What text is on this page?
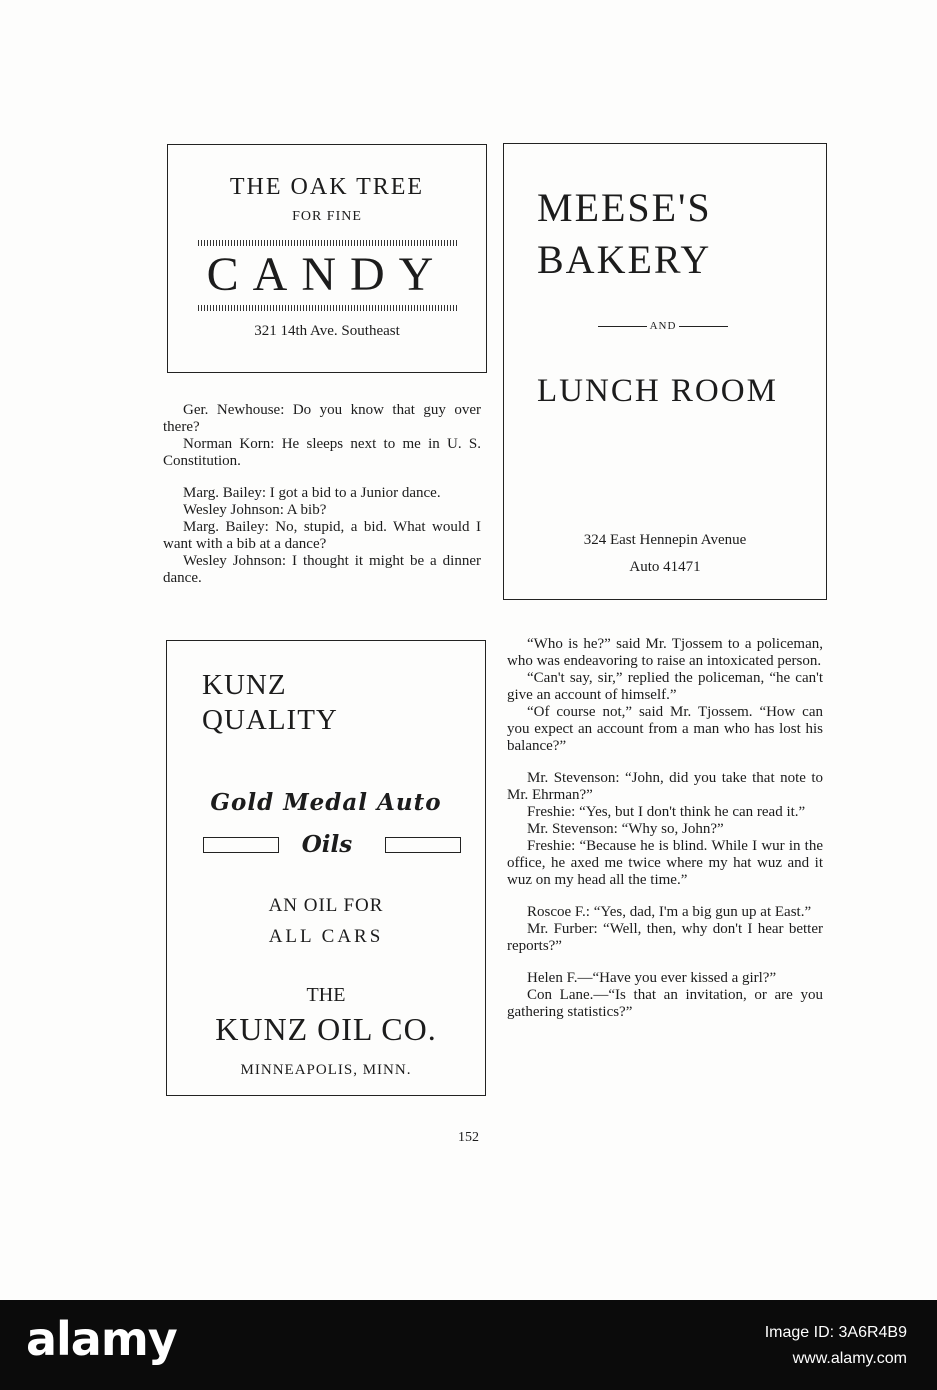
THE OAK TREE
FOR FINE
CANDY
321 14th Ave. Southeast
MEESE'S
BAKERY
AND
LUNCH ROOM
324 East Hennepin Avenue
Auto 41471

Ger. Newhouse: Do you know that guy over there?

Norman Korn: He sleeps next to me in U. S. Constitution.

Marg. Bailey: I got a bid to a Junior dance.

Wesley Johnson: A bib?

Marg. Bailey: No, stupid, a bid. What would I want with a bib at a dance?

Wesley Johnson: I thought it might be a dinner dance.

KUNZ
QUALITY
Gold Medal Auto
Oils
AN OIL FOR
ALL CARS
THE
KUNZ OIL CO.
MINNEAPOLIS, MINN.

“Who is he?” said Mr. Tjossem to a policeman, who was endeavoring to raise an intoxicated person.

“Can't say, sir,” replied the policeman, “he can't give an account of himself.”

“Of course not,” said Mr. Tjossem. “How can you expect an account from a man who has lost his balance?”

Mr. Stevenson: “John, did you take that note to Mr. Ehrman?”

Freshie: “Yes, but I don't think he can read it.”

Mr. Stevenson: “Why so, John?”

Freshie: “Because he is blind. While I wur in the office, he axed me twice where my hat wuz and it wuz on my head all the time.”

Roscoe F.: “Yes, dad, I'm a big gun up at East.”

Mr. Furber: “Well, then, why don't I hear better reports?”

Helen F.—“Have you ever kissed a girl?”

Con Lane.—“Is that an invitation, or are you gathering statistics?”

152
alamy	Image ID: 3A6R4B9
www.alamy.com
